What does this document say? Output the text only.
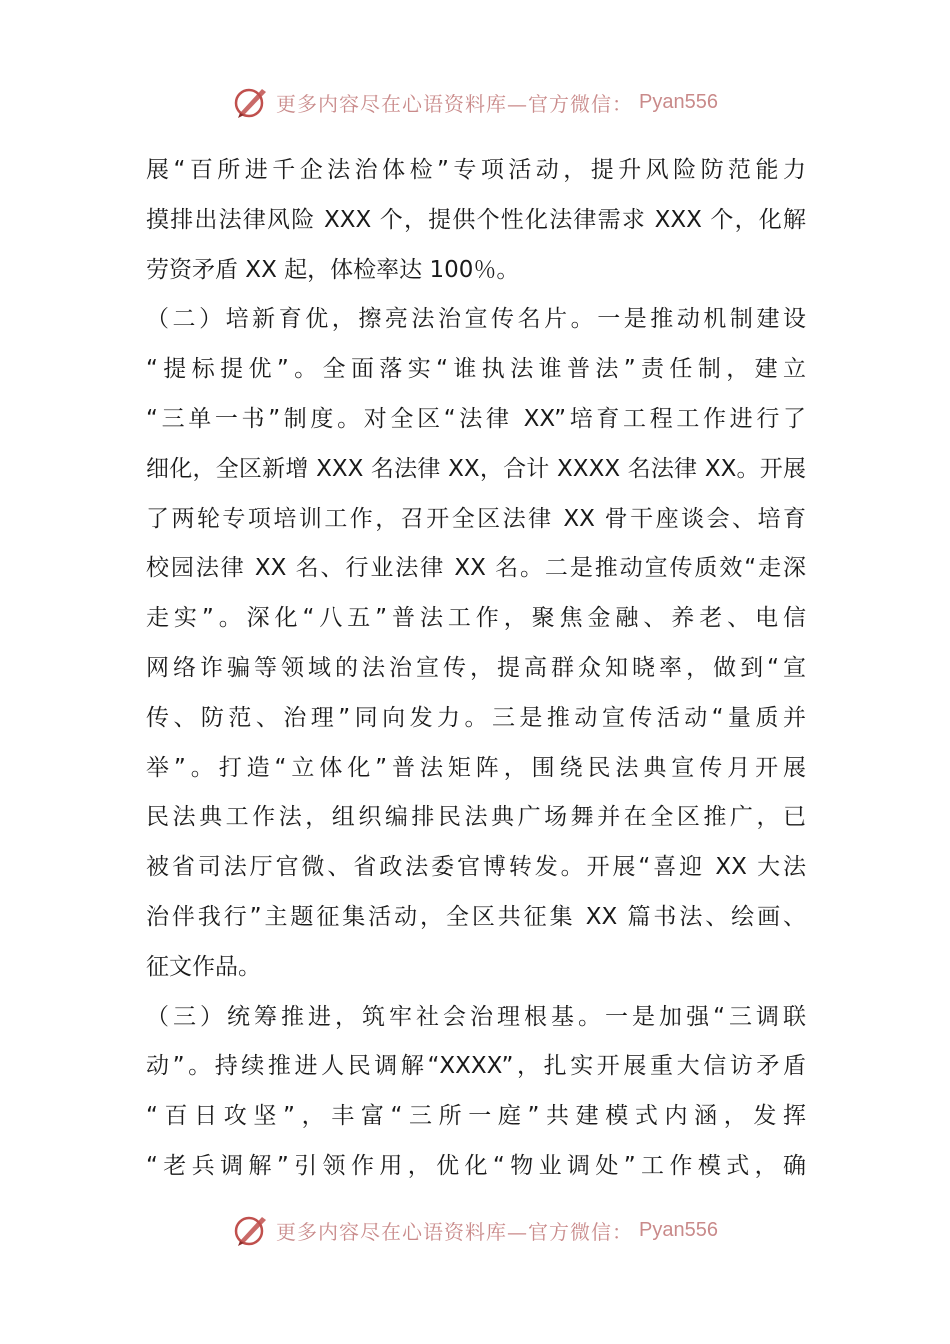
更多内容尽在心语资料库—官方微信： Pyan556
展“百所进千企法治体检”专项活动，提升风险防范能力
摸排出法律风险 XXX 个，提供个性化法律需求 XXX 个，化解
劳资矛盾 XX 起，体检率达 100％。
（二）培新育优，擦亮法治宣传名片。一是推动机制建设
“提标提优”。全面落实“谁执法谁普法”责任制，建立
“三单一书”制度。对全区“法律 XX”培育工程工作进行了
细化，全区新增 XXX 名法律 XX，合计 XXXX 名法律 XX。开展
了两轮专项培训工作，召开全区法律 XX 骨干座谈会、培育
校园法律 XX 名、行业法律 XX 名。二是推动宣传质效“走深
走实”。深化“八五”普法工作，聚焦金融、养老、电信
网络诈骗等领域的法治宣传，提高群众知晓率，做到“宣
传、防范、治理”同向发力。三是推动宣传活动“量质并
举”。打造“立体化”普法矩阵，围绕民法典宣传月开展
民法典工作法，组织编排民法典广场舞并在全区推广，已
被省司法厅官微、省政法委官博转发。开展“喜迎 XX 大法
治伴我行”主题征集活动，全区共征集 XX 篇书法、绘画、
征文作品。
（三）统筹推进，筑牢社会治理根基。一是加强“三调联
动”。持续推进人民调解“XXXX”，扎实开展重大信访矛盾
“百日攻坚”，丰富“三所一庭”共建模式内涵，发挥
“老兵调解”引领作用，优化“物业调处”工作模式，确
更多内容尽在心语资料库—官方微信： Pyan556
